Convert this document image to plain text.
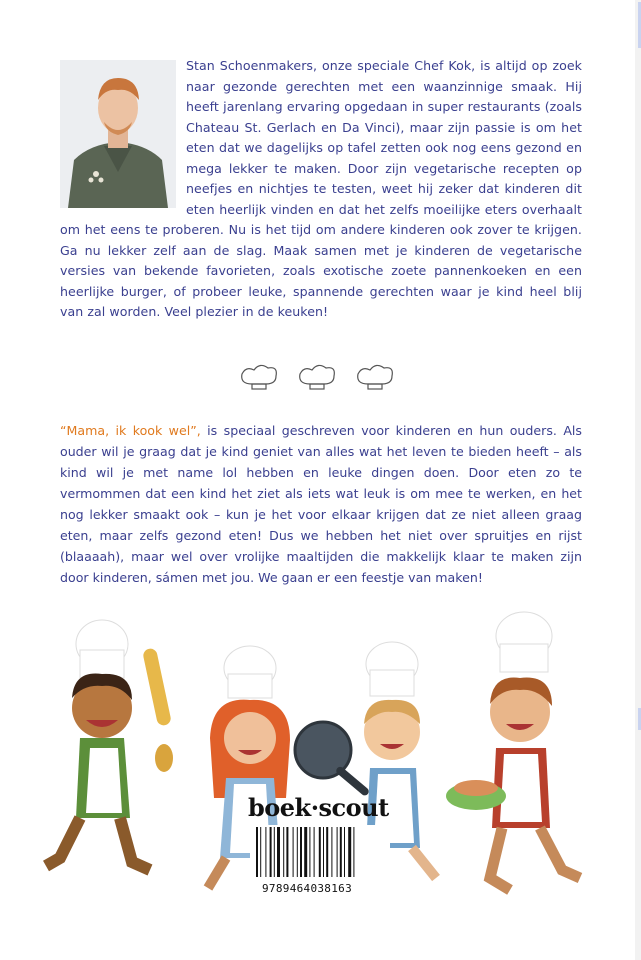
Stan Schoenmakers, onze speciale Chef Kok, is altijd op zoek naar gezonde gerechten met een waanzinnige smaak. Hij heeft jarenlang ervaring opgedaan in super restaurants (zoals Chateau St. Gerlach en Da Vinci), maar zijn passie is om het eten dat we dagelijks op tafel zetten ook nog eens gezond en mega lekker te maken. Door zijn vegetarische recepten op neefjes en nichtjes te testen, weet hij zeker dat kinderen dit eten heerlijk vinden en dat het zelfs moeilijke eters overhaalt om het eens te proberen. Nu is het tijd om andere kinderen ook zover te krijgen. Ga nu lekker zelf aan de slag. Maak samen met je kinderen de vegetarische versies van bekende favorieten, zoals exotische zoete pannenkoeken en een heerlijke burger, of probeer leuke, spannende gerechten waar je kind heel blij van zal worden. Veel plezier in de keuken!
“Mama, ik kook wel”, is speciaal geschreven voor kinderen en hun ouders. Als ouder wil je graag dat je kind geniet van alles wat het leven te bieden heeft – als kind wil je met name lol hebben en leuke dingen doen. Door eten zo te vermommen dat een kind het ziet als iets wat leuk is om mee te werken, en het nog lekker smaakt ook – kun je het voor elkaar krijgen dat ze niet alleen graag eten, maar zelfs gezond eten! Dus we hebben het niet over spruitjes en rijst (blaaaah), maar wel over vrolijke maaltijden die makkelijk klaar te maken zijn door kinderen, sámen met jou. We gaan er een feestje van maken!
boek·scout
9789464038163
